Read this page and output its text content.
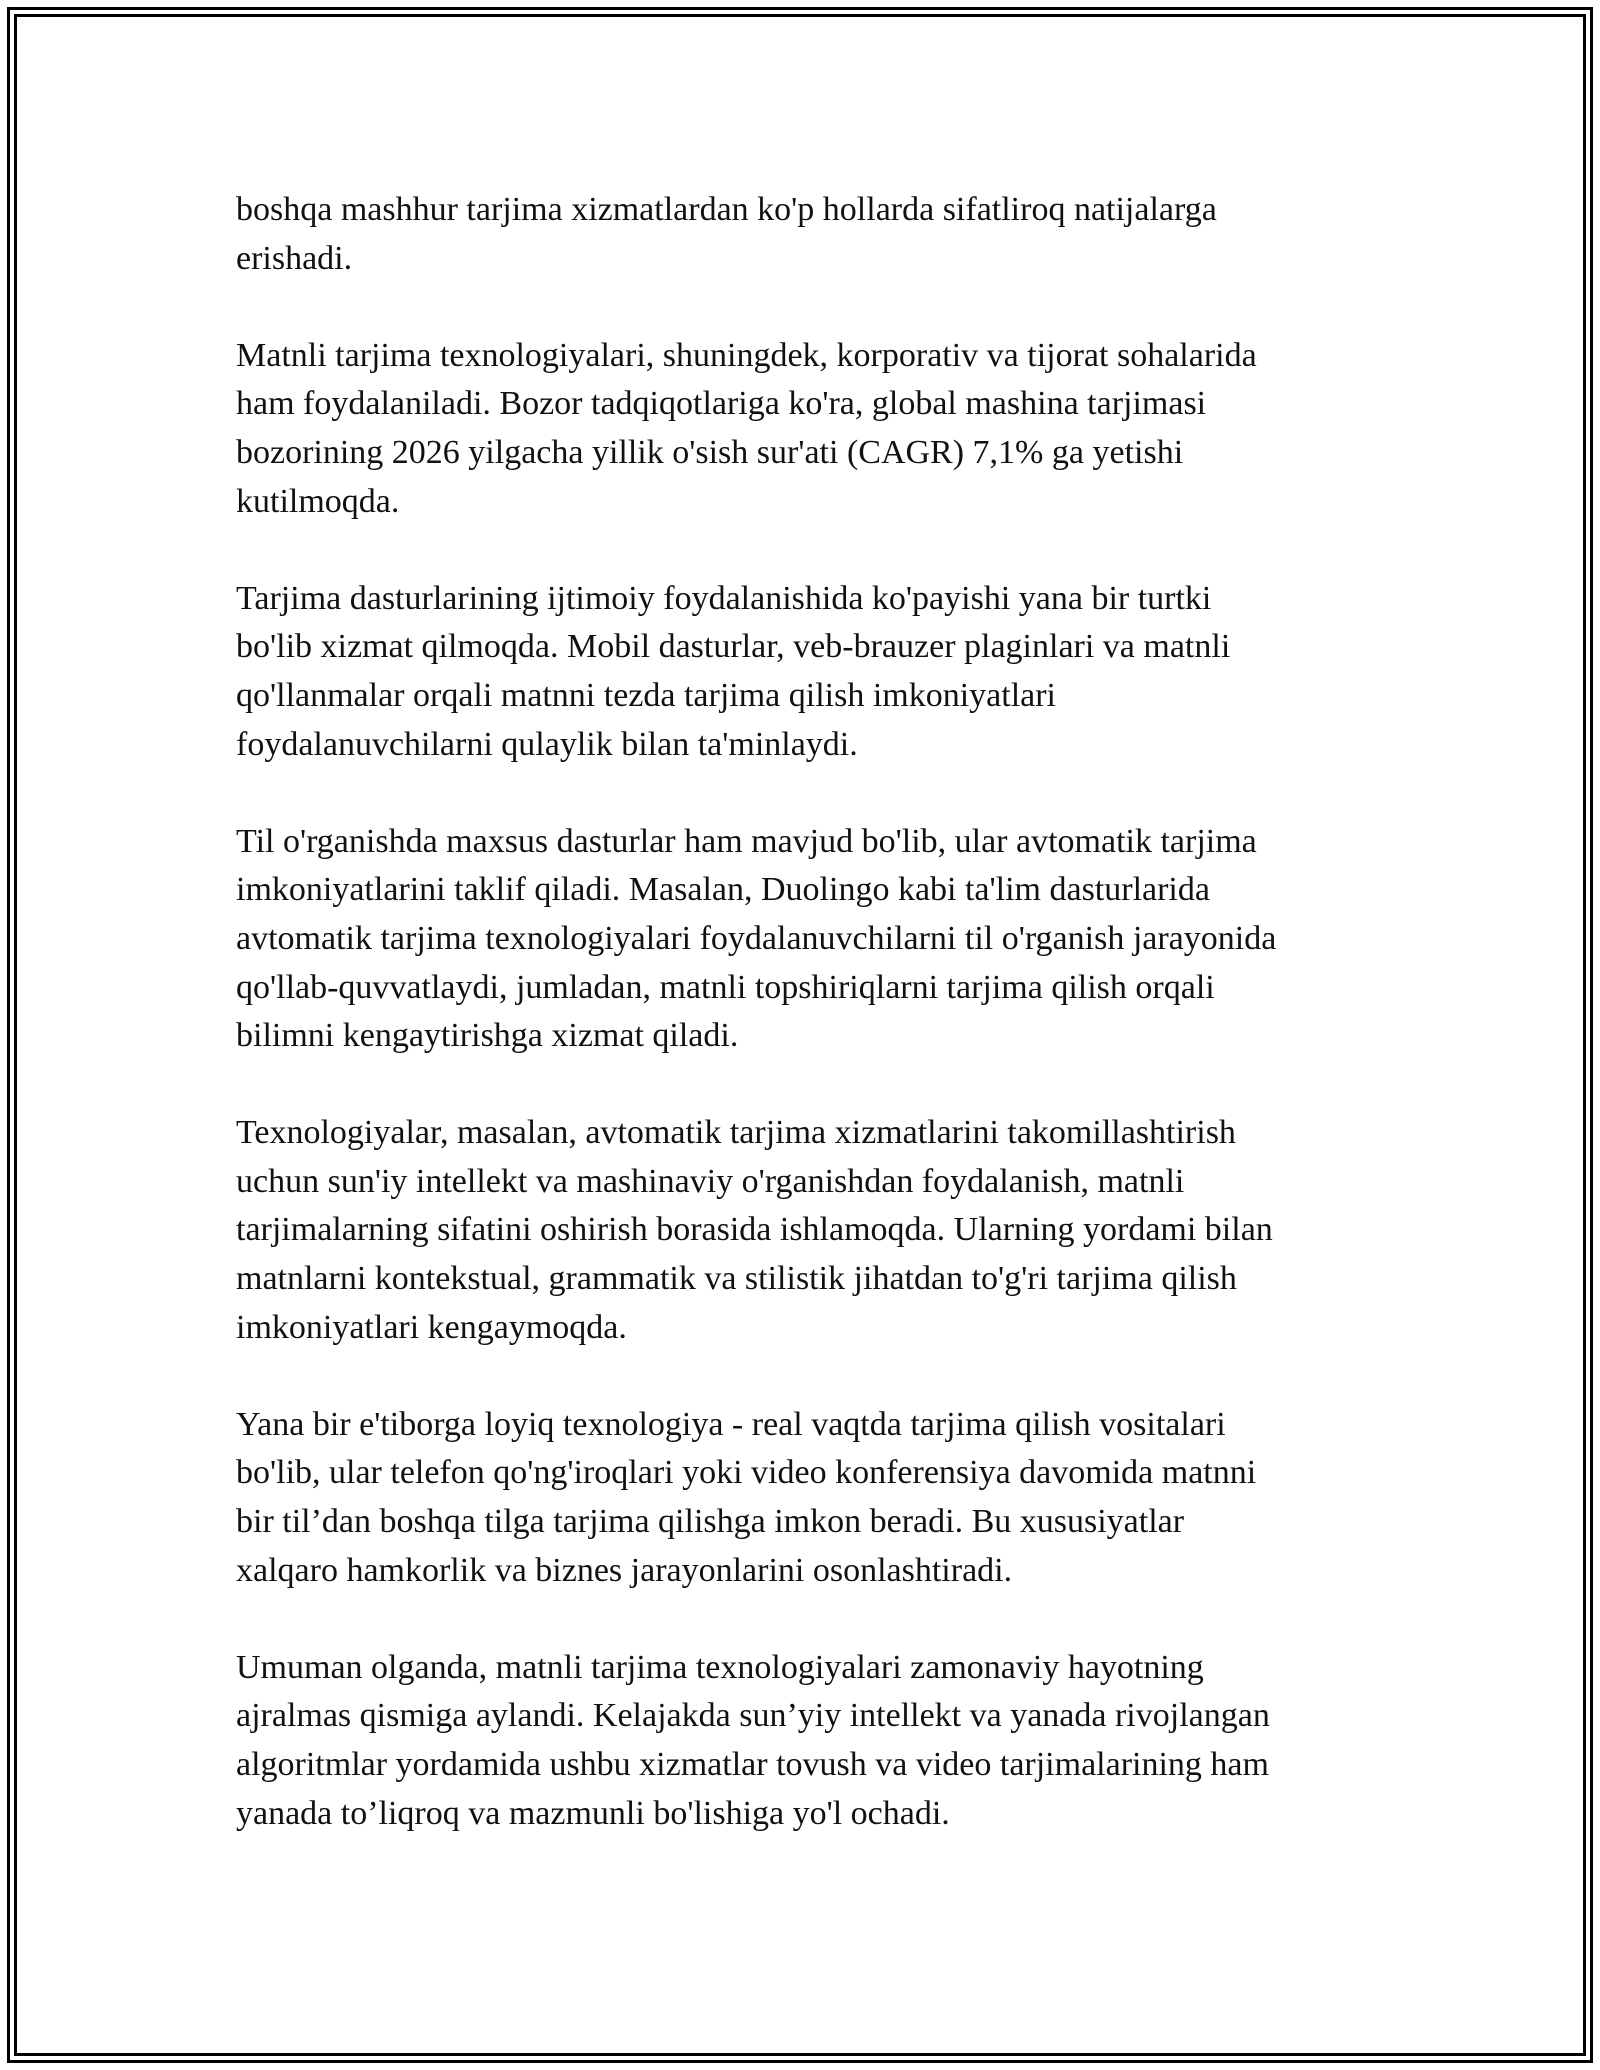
boshqa mashhur tarjima xizmatlardan ko'p hollarda sifatliroq natijalarga
erishadi.

Matnli tarjima texnologiyalari, shuningdek, korporativ va tijorat sohalarida
ham foydalaniladi. Bozor tadqiqotlariga ko'ra, global mashina tarjimasi
bozorining 2026 yilgacha yillik o'sish sur'ati (CAGR) 7,1% ga yetishi
kutilmoqda.

Tarjima dasturlarining ijtimoiy foydalanishida ko'payishi yana bir turtki
bo'lib xizmat qilmoqda. Mobil dasturlar, veb-brauzer plaginlari va matnli
qo'llanmalar orqali matnni tezda tarjima qilish imkoniyatlari
foydalanuvchilarni qulaylik bilan ta'minlaydi.

Til o'rganishda maxsus dasturlar ham mavjud bo'lib, ular avtomatik tarjima
imkoniyatlarini taklif qiladi. Masalan, Duolingo kabi ta'lim dasturlarida
avtomatik tarjima texnologiyalari foydalanuvchilarni til o'rganish jarayonida
qo'llab-quvvatlaydi, jumladan, matnli topshiriqlarni tarjima qilish orqali
bilimni kengaytirishga xizmat qiladi.

Texnologiyalar, masalan, avtomatik tarjima xizmatlarini takomillashtirish
uchun sun'iy intellekt va mashinaviy o'rganishdan foydalanish, matnli
tarjimalarning sifatini oshirish borasida ishlamoqda. Ularning yordami bilan
matnlarni kontekstual, grammatik va stilistik jihatdan to'g'ri tarjima qilish
imkoniyatlari kengaymoqda.

Yana bir e'tiborga loyiq texnologiya - real vaqtda tarjima qilish vositalari
bo'lib, ular telefon qo'ng'iroqlari yoki video konferensiya davomida matnni
bir til’dan boshqa tilga tarjima qilishga imkon beradi. Bu xususiyatlar
xalqaro hamkorlik va biznes jarayonlarini osonlashtiradi.

Umuman olganda, matnli tarjima texnologiyalari zamonaviy hayotning
ajralmas qismiga aylandi. Kelajakda sun’yiy intellekt va yanada rivojlangan
algoritmlar yordamida ushbu xizmatlar tovush va video tarjimalarining ham
yanada to’liqroq va mazmunli bo'lishiga yo'l ochadi.
